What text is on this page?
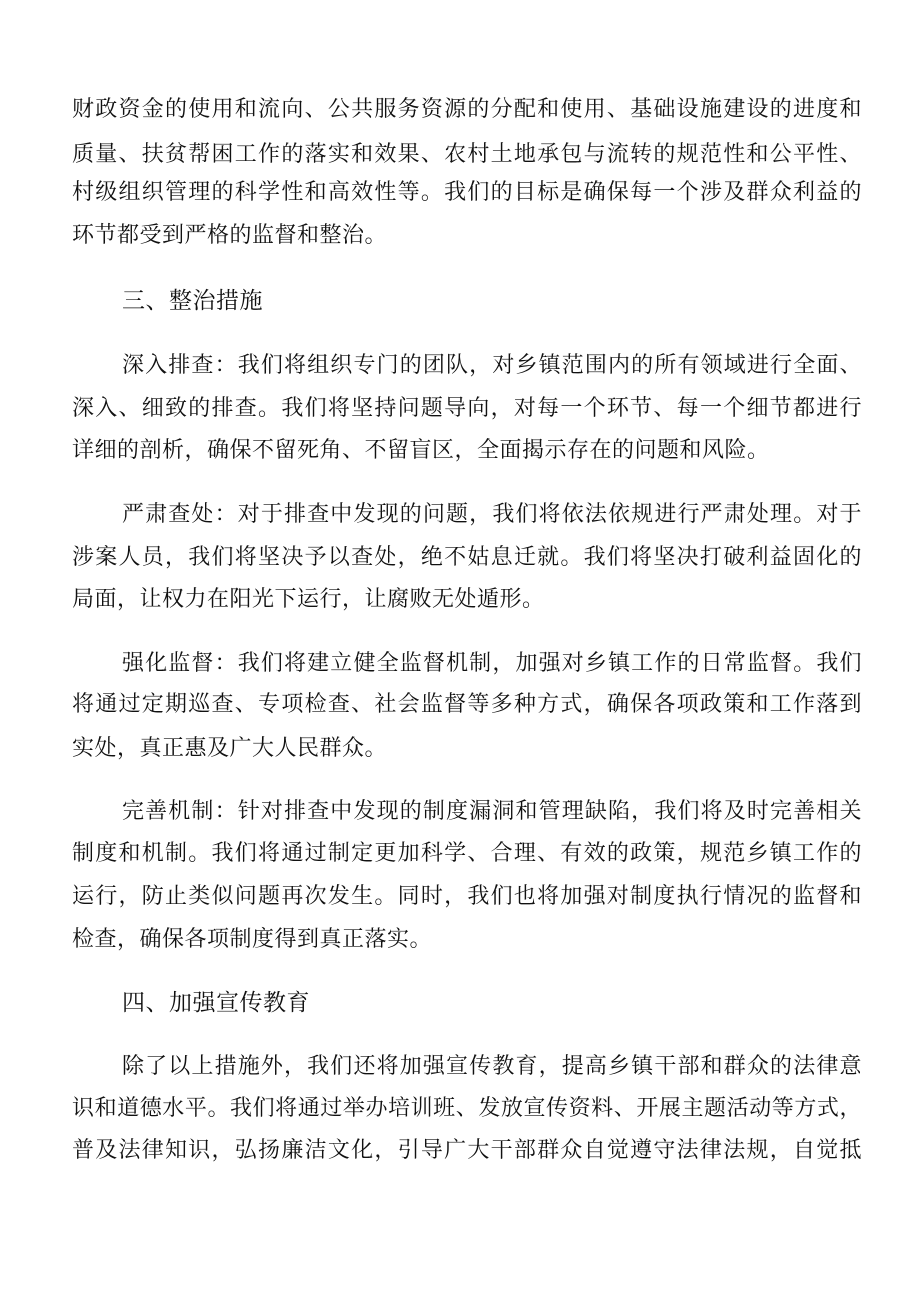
财政资金的使用和流向、公共服务资源的分配和使用、基础设施建设的进度和
质量、扶贫帮困工作的落实和效果、农村土地承包与流转的规范性和公平性、
村级组织管理的科学性和高效性等。我们的目标是确保每一个涉及群众利益的
环节都受到严格的监督和整治。
三、整治措施
深入排查：我们将组织专门的团队，对乡镇范围内的所有领域进行全面、
深入、细致的排查。我们将坚持问题导向，对每一个环节、每一个细节都进行
详细的剖析，确保不留死角、不留盲区，全面揭示存在的问题和风险。
严肃查处：对于排查中发现的问题，我们将依法依规进行严肃处理。对于
涉案人员，我们将坚决予以查处，绝不姑息迁就。我们将坚决打破利益固化的
局面，让权力在阳光下运行，让腐败无处遁形。
强化监督：我们将建立健全监督机制，加强对乡镇工作的日常监督。我们
将通过定期巡查、专项检查、社会监督等多种方式，确保各项政策和工作落到
实处，真正惠及广大人民群众。
完善机制：针对排查中发现的制度漏洞和管理缺陷，我们将及时完善相关
制度和机制。我们将通过制定更加科学、合理、有效的政策，规范乡镇工作的
运行，防止类似问题再次发生。同时，我们也将加强对制度执行情况的监督和
检查，确保各项制度得到真正落实。
四、加强宣传教育
除了以上措施外，我们还将加强宣传教育，提高乡镇干部和群众的法律意
识和道德水平。我们将通过举办培训班、发放宣传资料、开展主题活动等方式，
普及法律知识，弘扬廉洁文化，引导广大干部群众自觉遵守法律法规，自觉抵
